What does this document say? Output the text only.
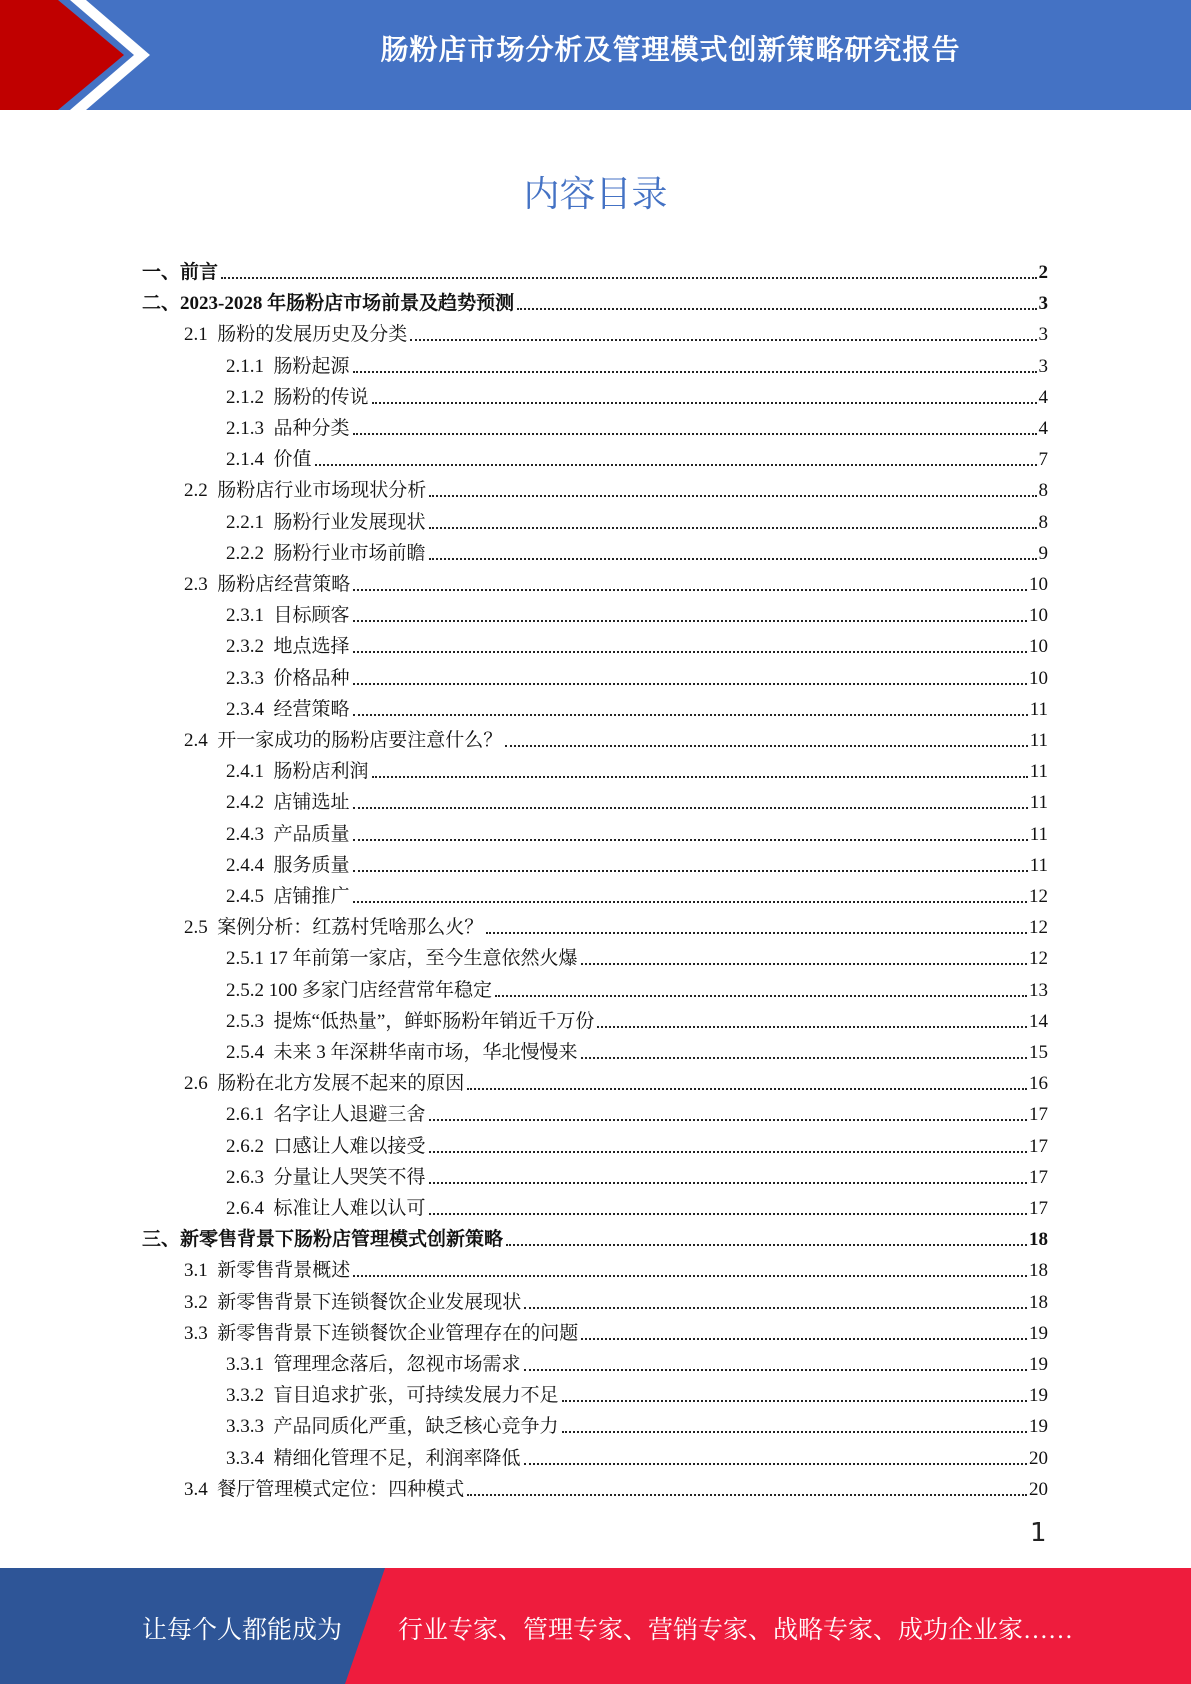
肠粉店市场分析及管理模式创新策略研究报告
内容目录
一、前言	2
二、2023-2028 年肠粉店市场前景及趋势预测	3
2.1  肠粉的发展历史及分类	3
2.1.1  肠粉起源	3
2.1.2  肠粉的传说	4
2.1.3  品种分类	4
2.1.4  价值	7
2.2  肠粉店行业市场现状分析	8
2.2.1  肠粉行业发展现状	8
2.2.2  肠粉行业市场前瞻	9
2.3  肠粉店经营策略	10
2.3.1  目标顾客	10
2.3.2  地点选择	10
2.3.3  价格品种	10
2.3.4  经营策略	11
2.4  开一家成功的肠粉店要注意什么？	11
2.4.1  肠粉店利润	11
2.4.2  店铺选址	11
2.4.3  产品质量	11
2.4.4  服务质量	11
2.4.5  店铺推广	12
2.5  案例分析：红荔村凭啥那么火？	12
2.5.1 17 年前第一家店，至今生意依然火爆	12
2.5.2 100 多家门店经营常年稳定	13
2.5.3  提炼“低热量”，鲜虾肠粉年销近千万份	14
2.5.4  未来 3 年深耕华南市场，华北慢慢来	15
2.6  肠粉在北方发展不起来的原因	16
2.6.1  名字让人退避三舍	17
2.6.2  口感让人难以接受	17
2.6.3  分量让人哭笑不得	17
2.6.4  标准让人难以认可	17
三、新零售背景下肠粉店管理模式创新策略	18
3.1  新零售背景概述	18
3.2  新零售背景下连锁餐饮企业发展现状	18
3.3  新零售背景下连锁餐饮企业管理存在的问题	19
3.3.1  管理理念落后，忽视市场需求	19
3.3.2  盲目追求扩张，可持续发展力不足	19
3.3.3  产品同质化严重，缺乏核心竞争力	19
3.3.4  精细化管理不足，利润率降低	20
3.4  餐厅管理模式定位：四种模式	20
1
让每个人都能成为 行业专家、管理专家、营销专家、战略专家、成功企业家……
